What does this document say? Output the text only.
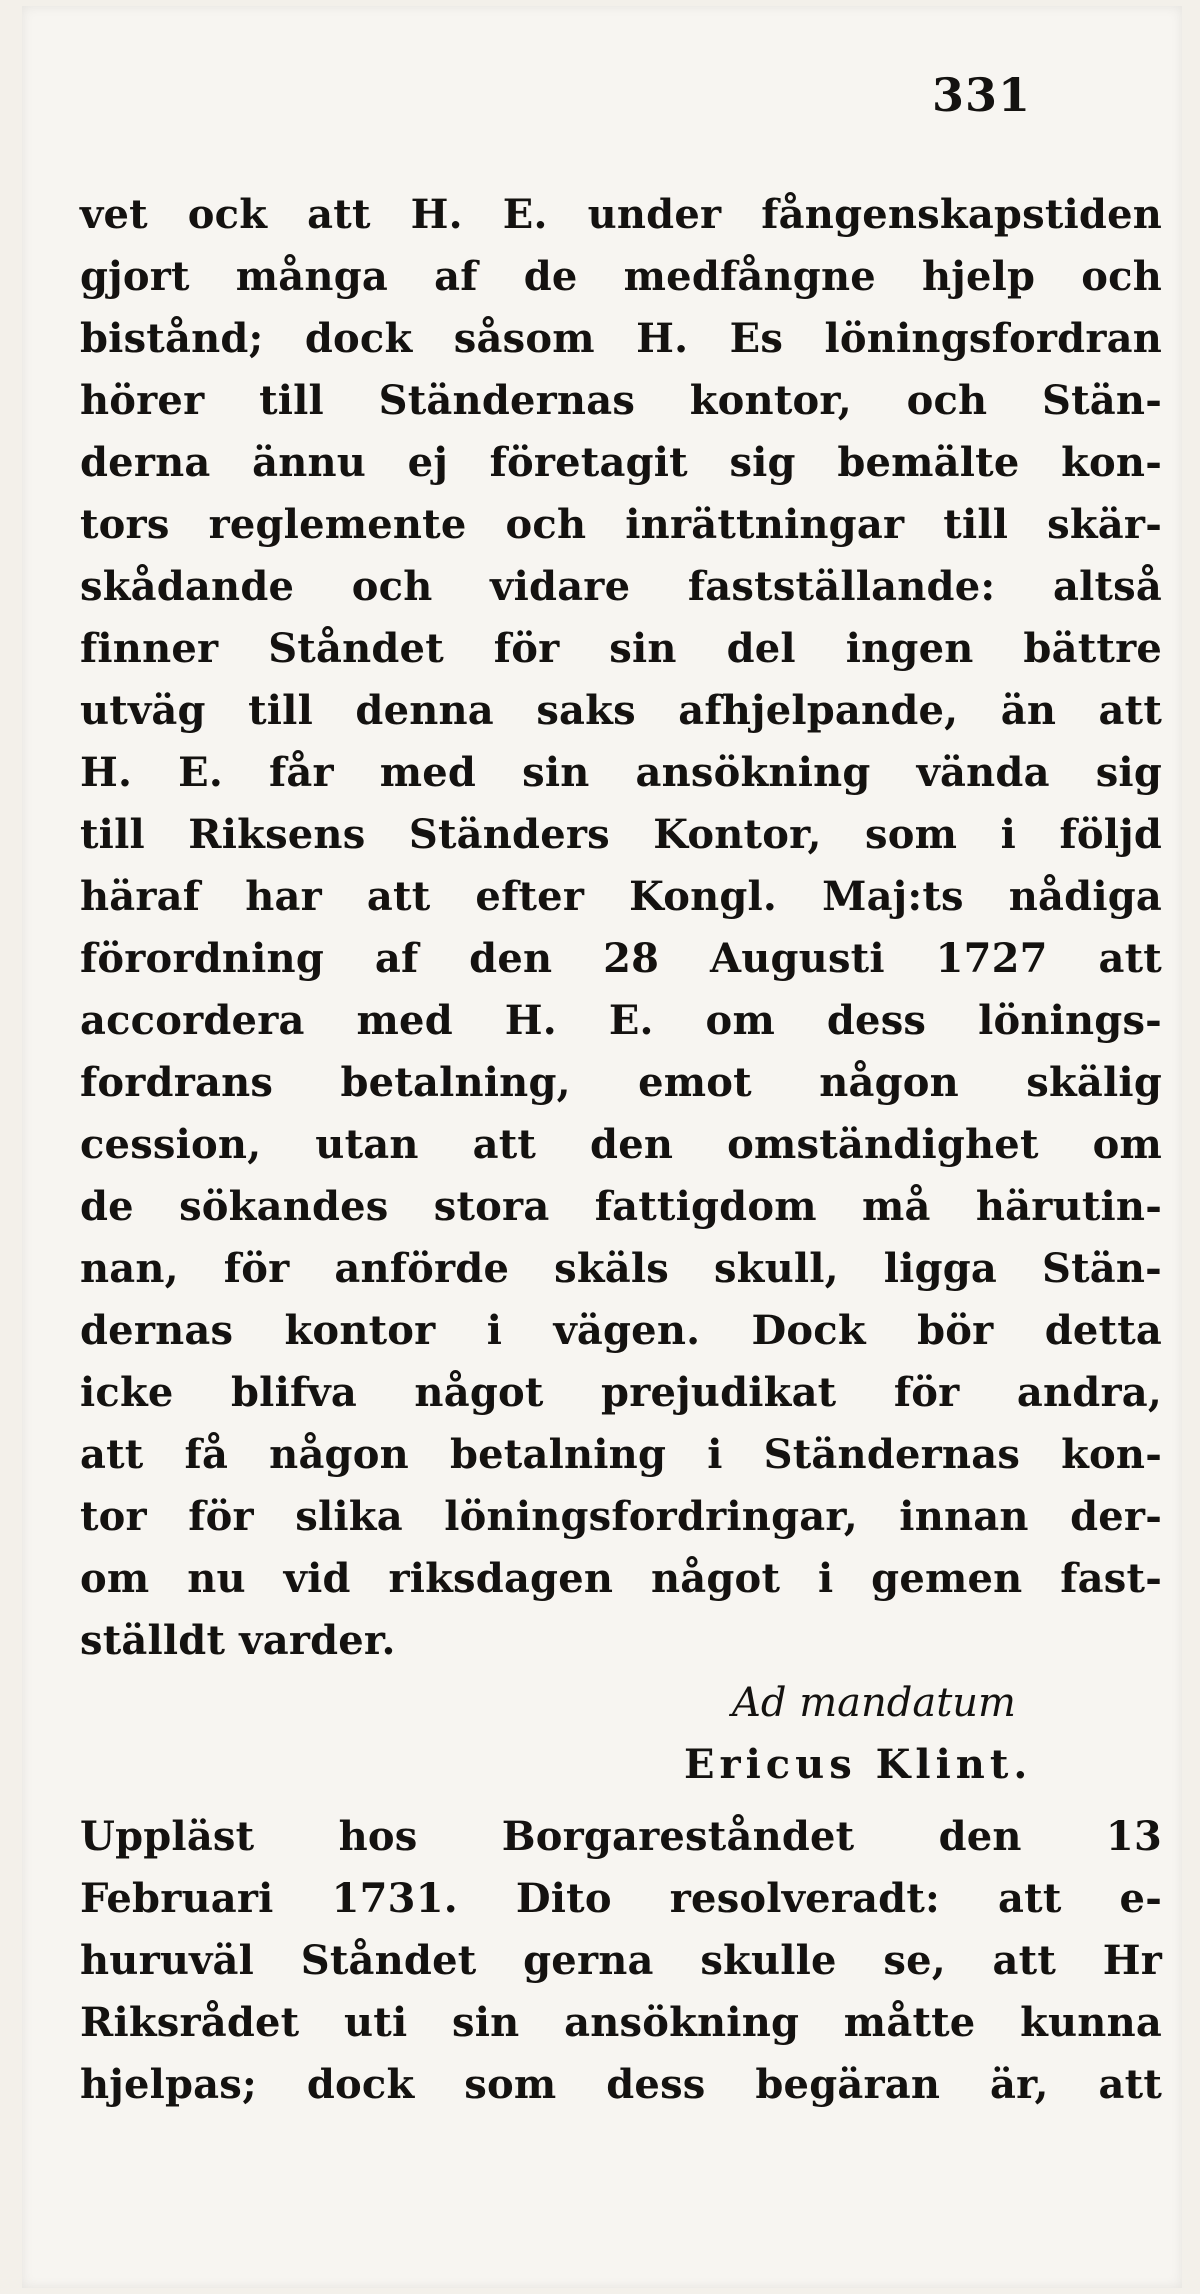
331
vet ock att H. E. under fångenskapstiden
gjort många af de medfångne hjelp och
bistånd; dock såsom H. Es löningsfordran
hörer till Ständernas kontor, och Stän-
derna ännu ej företagit sig bemälte kon-
tors reglemente och inrättningar till skär-
skådande och vidare fastställande: altså
finner Ståndet för sin del ingen bättre
utväg till denna saks afhjelpande, än att
H. E. får med sin ansökning vända sig
till Riksens Ständers Kontor, som i följd
häraf har att efter Kongl. Maj:ts nådiga
förordning af den 28 Augusti 1727 att
accordera med H. E. om dess lönings-
fordrans betalning, emot någon skälig
cession, utan att den omständighet om
de sökandes stora fattigdom må härutin-
nan, för anförde skäls skull, ligga Stän-
dernas kontor i vägen. Dock bör detta
icke blifva något prejudikat för andra,
att få någon betalning i Ständernas kon-
tor för slika löningsfordringar, innan der-
om nu vid riksdagen något i gemen fast-
ställdt varder.
Ad mandatum
Ericus Klint.
Uppläst hos Borgareståndet den 13
Februari 1731. Dito resolveradt: att e-
huruväl Ståndet gerna skulle se, att Hr
Riksrådet uti sin ansökning måtte kunna
hjelpas; dock som dess begäran är, att
